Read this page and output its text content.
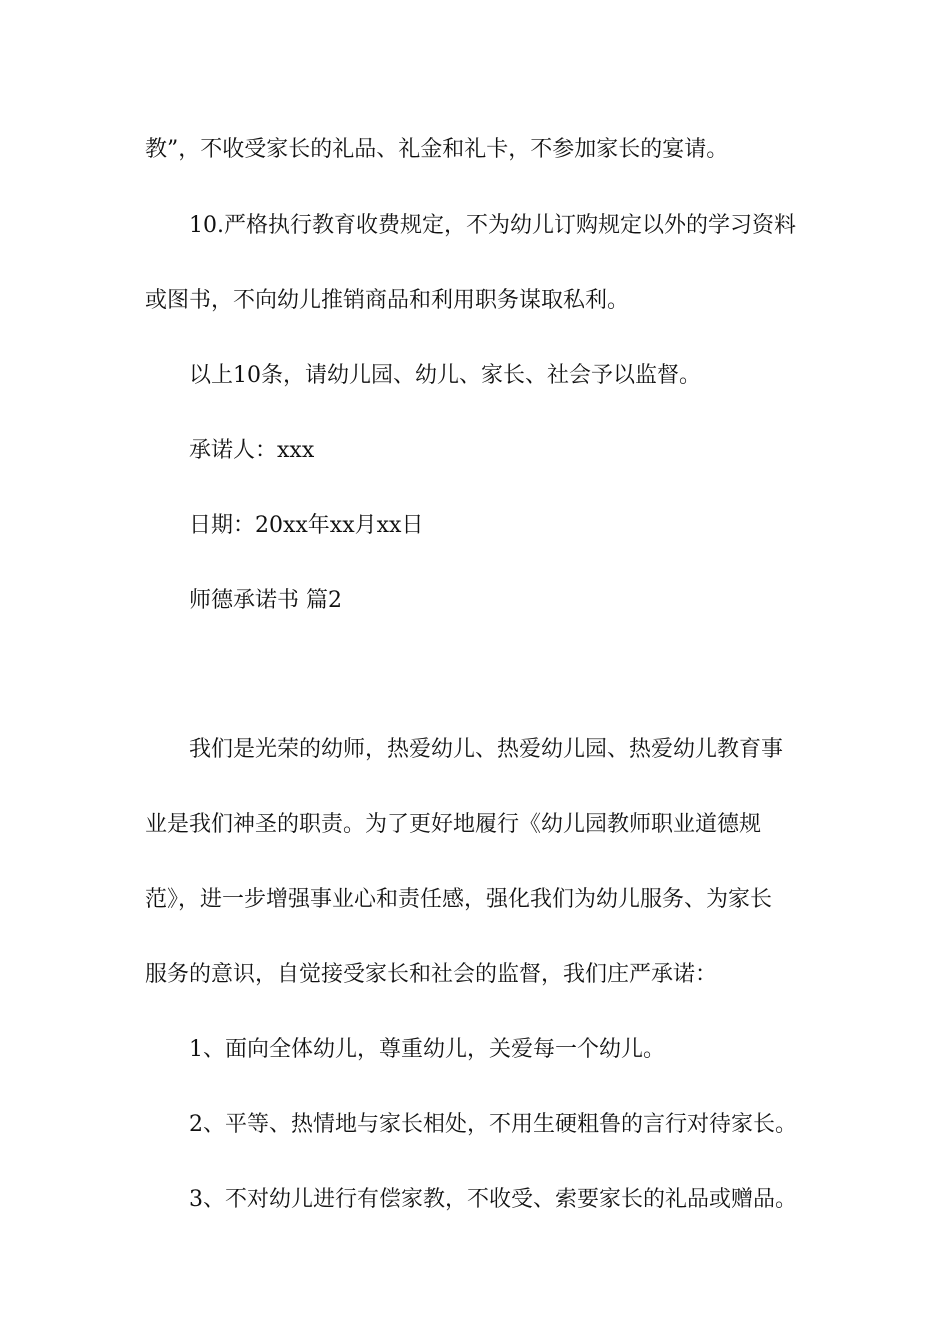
教”，不收受家长的礼品、礼金和礼卡，不参加家长的宴请。
10.严格执行教育收费规定，不为幼儿订购规定以外的学习资料
或图书，不向幼儿推销商品和利用职务谋取私利。
以上10条，请幼儿园、幼儿、家长、社会予以监督。
承诺人：xxx
日期：20xx年xx月xx日
师德承诺书 篇2
我们是光荣的幼师，热爱幼儿、热爱幼儿园、热爱幼儿教育事
业是我们神圣的职责。为了更好地履行《幼儿园教师职业道德规
范》，进一步增强事业心和责任感，强化我们为幼儿服务、为家长
服务的意识，自觉接受家长和社会的监督，我们庄严承诺：
1、面向全体幼儿，尊重幼儿，关爱每一个幼儿。
2、平等、热情地与家长相处，不用生硬粗鲁的言行对待家长。
3、不对幼儿进行有偿家教，不收受、索要家长的礼品或赠品。
